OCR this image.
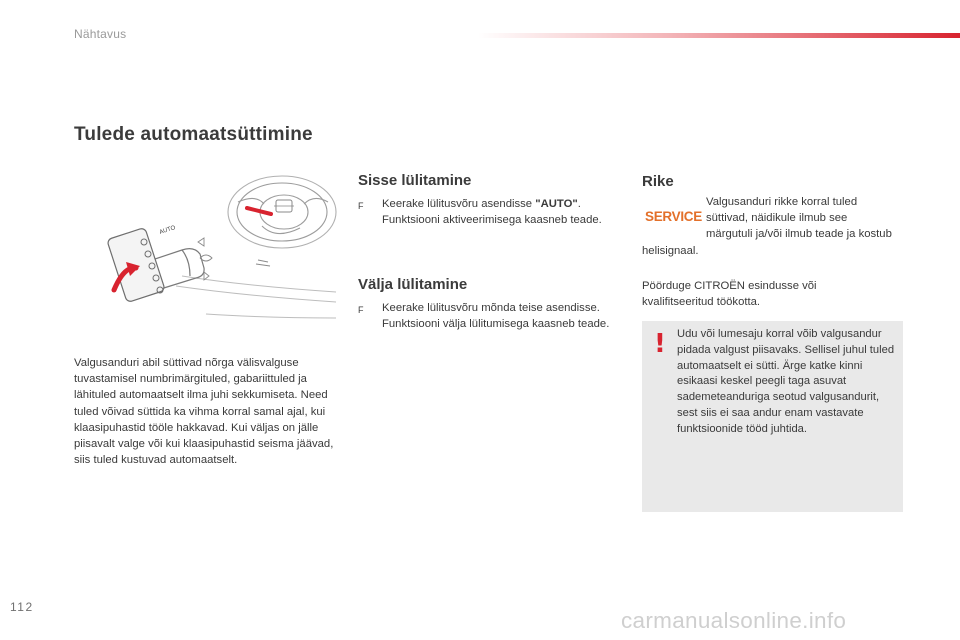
Nähtavus
Tulede automaatsüttimine
AUTO
Valgusanduri abil süttivad nõrga välisvalguse tuvastamisel numbrimärgituled, gabariittuled ja lähituled automaatselt ilma juhi sekkumiseta. Need tuled võivad süttida ka vihma korral samal ajal, kui klaasipuhastid tööle hakkavad. Kui väljas on jälle piisavalt valge või kui klaasipuhastid seisma jäävad, siis tuled kustuvad automaatselt.
Sisse lülitamine
F	Keerake lülitusvõru asendisse "AUTO". Funktsiooni aktiveerimisega kaasneb teade.
Välja lülitamine
F	Keerake lülitusvõru mõnda teise asendisse. Funktsiooni välja lülitumisega kaasneb teade.
Rike
SERVICE
Valgusanduri rikke korral tuled süttivad, näidikule ilmub see märgutuli ja/või ilmub teade ja kostub helisignaal.
Pöörduge CITROËN esindusse või kvalifitseeritud töökotta.
! Udu või lumesaju korral võib valgusandur pidada valgust piisavaks. Sellisel juhul tuled automaatselt ei sütti. Ärge katke kinni esikaasi keskel peegli taga asuvat sademeteanduriga seotud valgusandurit, sest siis ei saa andur enam vastavate funktsioonide tööd juhtida.
112
carmanualsonline.info
